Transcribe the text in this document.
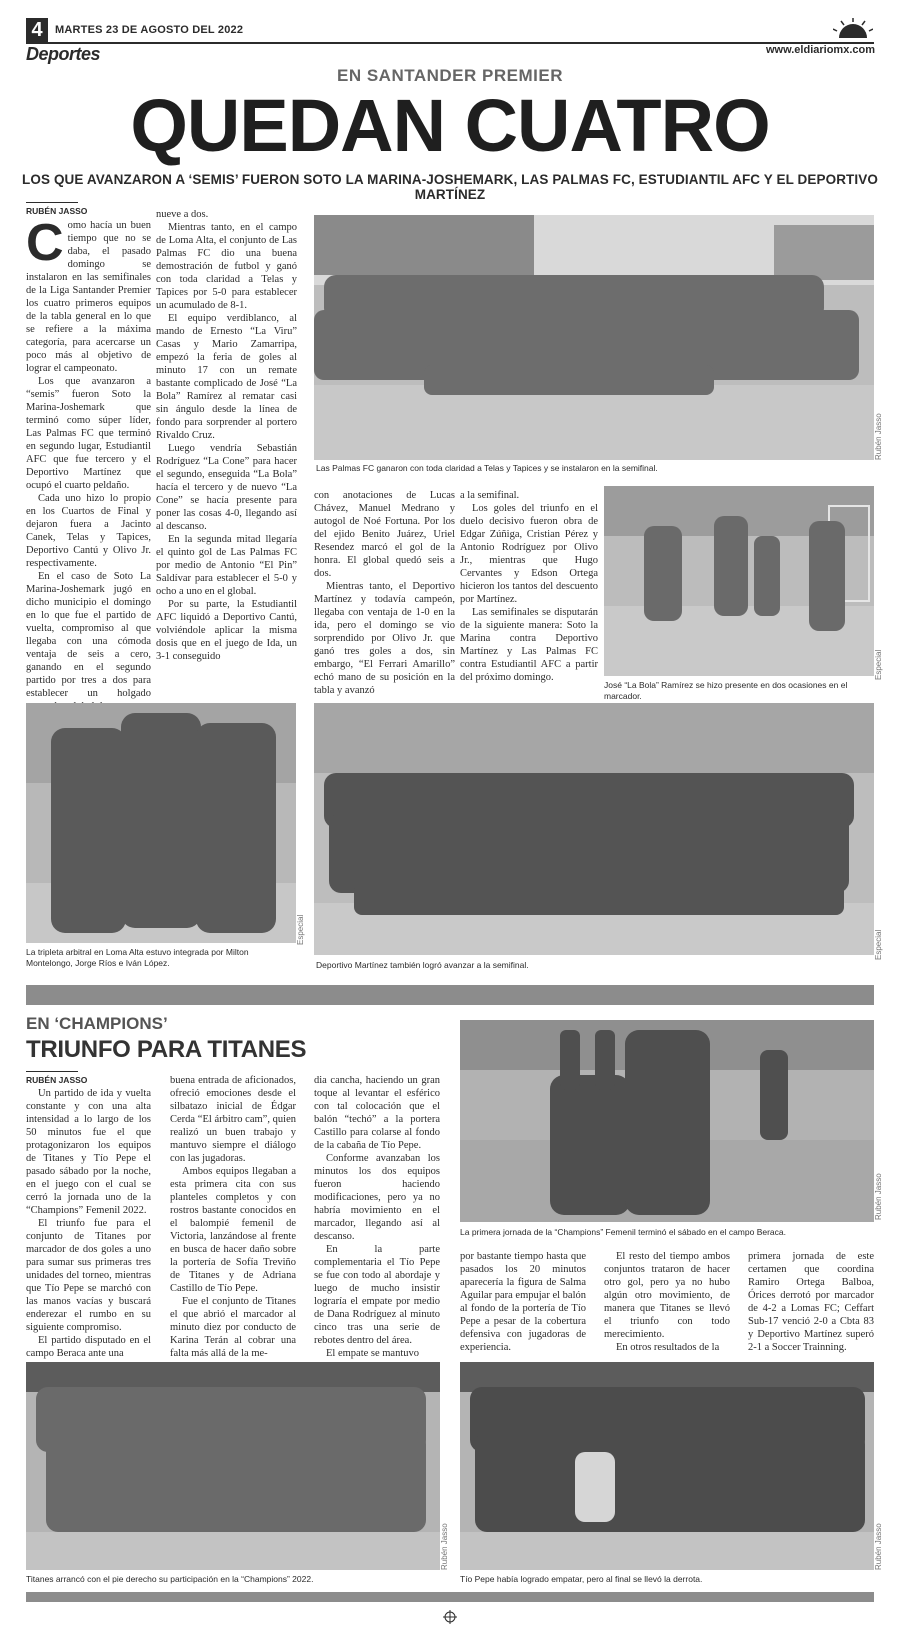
4	MARTES 23 DE AGOSTO DEL 2022
Deportes	www.eldiariomx.com
EN SANTANDER PREMIER
QUEDAN CUATRO
LOS QUE AVANZARON A ‘SEMIS’ FUERON SOTO LA MARINA-JOSHEMARK, LAS PALMAS FC, ESTUDIANTIL AFC Y EL DEPORTIVO MARTÍNEZ
RUBÉN JASSO
C omo hacía un buen tiempo que no se daba, el pasado domingo se instalaron en las semifinales de la Liga Santander Premier los cuatro primeros equipos de la tabla general en lo que se refiere a la máxima categoría, para acercarse un poco más al objetivo de lograr el campeonato.

Los que avanzaron a “semis” fueron Soto la Marina-Joshemark que terminó como súper líder, Las Palmas FC que terminó en segundo lugar, Estudiantil AFC que fue tercero y el Deportivo Martínez que ocupó el cuarto peldaño.

Cada uno hizo lo propio en los Cuartos de Final y dejaron fuera a Jacinto Canek, Telas y Tapices, Deportivo Cantú y Olivo Jr. respectivamente.

En el caso de Soto La Marina-Joshemark jugó en dicho municipio el domingo en lo que fue el partido de vuelta, compromiso al que llegaba con una cómoda ventaja de seis a cero, ganando en el segundo partido por tres a dos para establecer un holgado

nueve a dos.

Mientras tanto, en el campo de Loma Alta, el conjunto de Las Palmas FC dio una buena demostración de futbol y ganó con toda claridad a Telas y Tapices por 5-0 para establecer un acumulado de 8-1.

El equipo verdiblanco, al mando de Ernesto “La Viru” Casas y Mario Zamarripa, empezó la feria de goles al minuto 17 con un remate bastante complicado de José “La Bola” Ramírez al rematar casi sin ángulo desde la línea de fondo para sorprender al portero Rivaldo Cruz.

Luego vendría Sebastián Rodríguez “La Cone” para hacer el segundo, enseguida “La Bola” hacía el tercero y de nuevo “La Cone” se hacía presente para poner las cosas 4-0, llegando así al descanso.

En la segunda mitad llegaría el quinto gol de Las Palmas FC por medio de Antonio “El Pin” Saldívar para establecer el 5-0 y ocho a uno en el global.

Por su parte, la Estudiantil AFC liquidó a Deportivo Cantú, volviéndole aplicar la misma dosis que en el juego de Ida, un 3-1 conseguido

Rubén Jasso
Las Palmas FC ganaron con toda claridad a Telas y Tapices y se instalaron en la semifinal.

con anotaciones de Lucas Chávez, Manuel Medrano y autogol de Noé Fortuna. Por los del ejido Benito Juárez, Uriel Resendez marcó el gol de la honra. El global quedó seis a dos.

Mientras tanto, el Deportivo Martínez y todavía campeón, llegaba con ventaja de 1-0 en la ida, pero el domingo se vio sorprendido por Olivo Jr. que ganó tres goles a dos, sin embargo, “El Ferrari Amarillo” echó mano de su posición en la tabla y avanzó

a la semifinal.

Los goles del triunfo en el duelo decisivo fueron obra de Edgar Zúñiga, Cristian Pérez y Antonio Rodríguez por Olivo Jr., mientras que Hugo Cervantes y Edson Ortega hicieron los tantos del descuento por Martínez.

Las semifinales se disputarán de la siguiente manera: Soto la Marina contra Deportivo Martínez y Las Palmas FC contra Estudiantil AFC a partir del próximo domingo.	Especial
José “La Bola” Ramírez se hizo presente en dos ocasiones en el marcador.
Especial
La tripleta arbitral en Loma Alta estuvo integrada por Milton Montelongo, Jorge Ríos e Iván López.
Especial
Deportivo Martínez también logró avanzar a la semifinal.
EN ‘CHAMPIONS’
TRIUNFO PARA TITANES
RUBÉN JASSO

Un partido de ida y vuelta constante y con una alta intensidad a lo largo de los 50 minutos fue el que protagonizaron los equipos de Titanes y Tío Pepe el pasado sábado por la noche, en el juego con el cual se cerró la jornada uno de la “Champions” Femenil 2022.

El triunfo fue para el conjunto de Titanes por marcador de dos goles a uno para sumar sus primeras tres unidades del torneo, mientras que Tío Pepe se marchó con las manos vacías y buscará enderezar el rumbo en su siguiente compromiso.

El partido disputado en el campo Beraca ante una

buena entrada de aficionados, ofreció emociones desde el silbatazo inicial de Édgar Cerda “El árbitro cam”, quien realizó un buen trabajo y mantuvo siempre el diálogo con las jugadoras.

Ambos equipos llegaban a esta primera cita con sus planteles completos y con rostros bastante conocidos en el balompié femenil de Victoria, lanzándose al frente en busca de hacer daño sobre la portería de Sofía Treviño de Titanes y de Adriana Castillo de Tío Pepe.

Fue el conjunto de Titanes el que abrió el marcador al minuto diez por conducto de Karina Terán al cobrar una falta más allá de la me-

dia cancha, haciendo un gran toque al levantar el esférico con tal colocación que el balón “techó” a la portera Castillo para colarse al fondo de la cabaña de Tío Pepe.

Conforme avanzaban los minutos los dos equipos fueron haciendo modificaciones, pero ya no habría movimiento en el marcador, llegando así al descanso.

En la parte complementaria el Tío Pepe se fue con todo al abordaje y luego de mucho insistir lograría el empate por medio de Dana Rodríguez al minuto cinco tras una serie de rebotes dentro del área.

El empate se mantuvo

Rubén Jasso
La primera jornada de la “Champions” Femenil terminó el sábado en el campo Beraca.

por bastante tiempo hasta que pasados los 20 minutos aparecería la figura de Salma Aguilar para empujar el balón al fondo de la portería de Tío Pepe a pesar de la cobertura defensiva con jugadoras de experiencia.

El resto del tiempo ambos conjuntos trataron de hacer otro gol, pero ya no hubo algún otro movimiento, de manera que Titanes se llevó el triunfo con todo merecimiento.

En otros resultados de la

primera jornada de este certamen que coordina Ramiro Ortega Balboa, Órices derrotó por marcador de 4-2 a Lomas FC; Ceffart Sub-17 venció 2-0 a Cbta 83 y Deportivo Martínez superó 2-1 a Soccer Trainning.

Rubén Jasso
Titanes arrancó con el pie derecho su participación en la “Champions” 2022.
Rubén Jasso
Tío Pepe había logrado empatar, pero al final se llevó la derrota.
